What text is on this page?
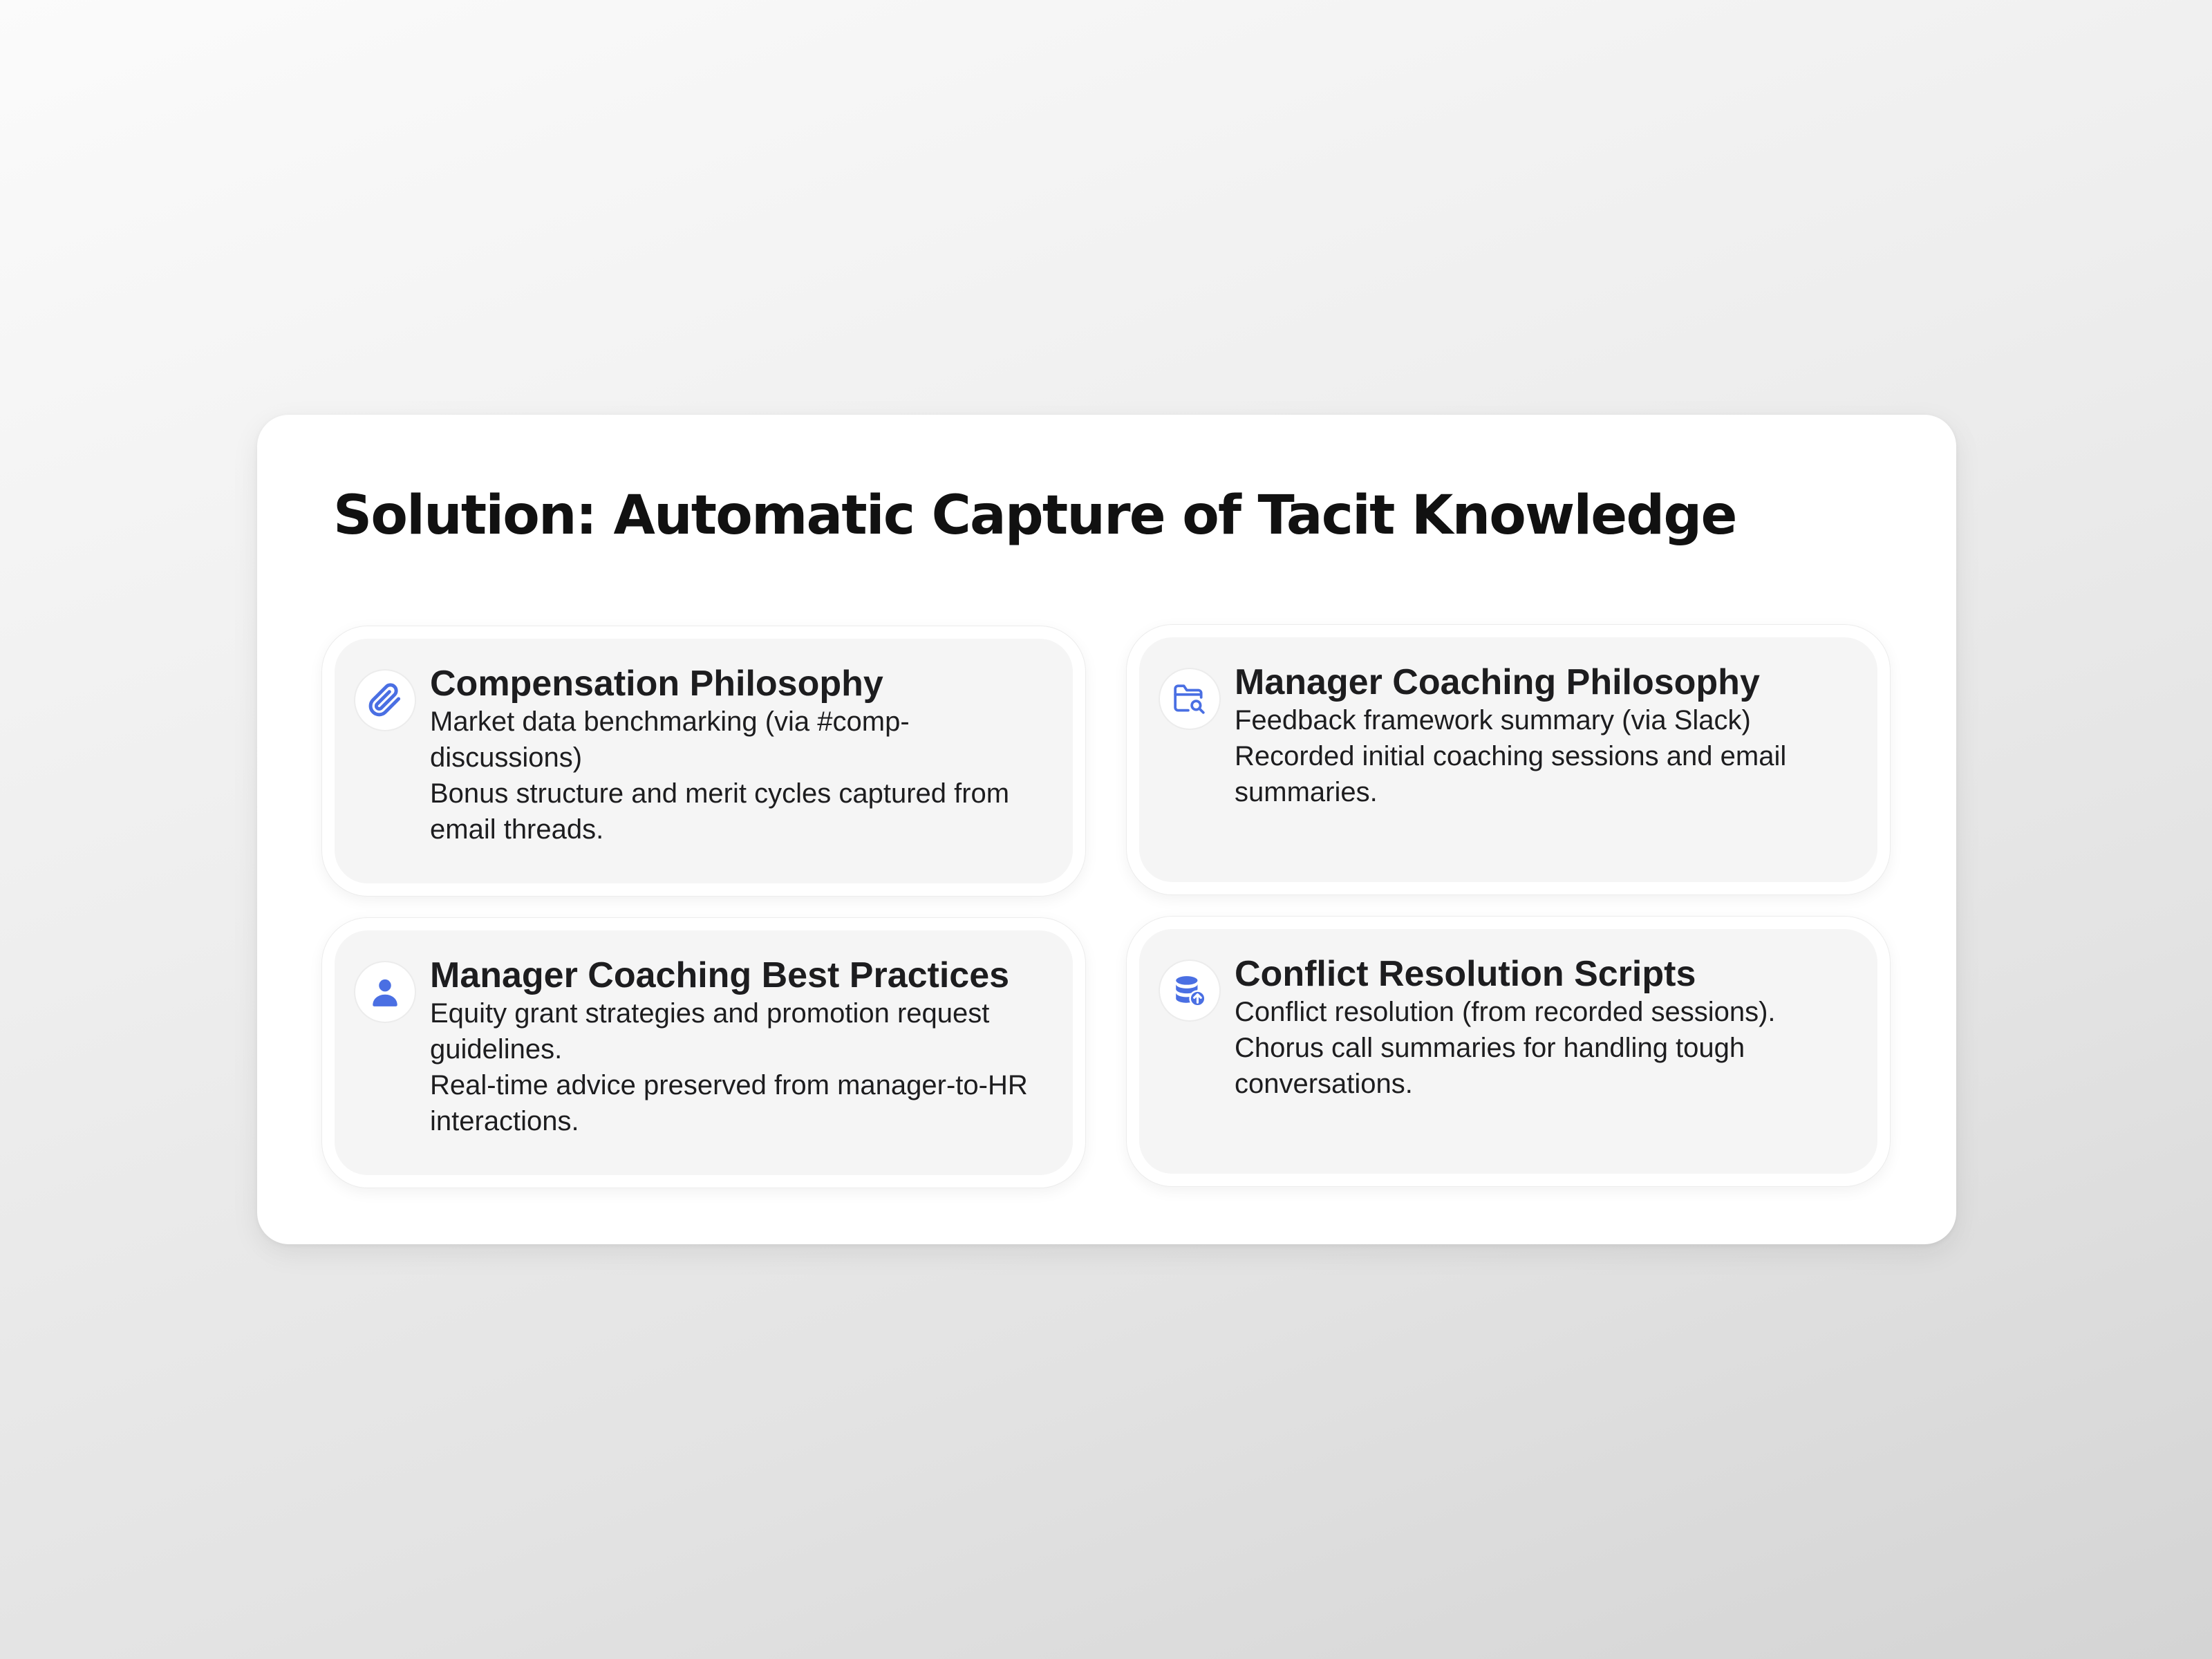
Solution: Automatic Capture of Tacit Knowledge

Compensation Philosophy

Market data benchmarking (via #comp-discussions)

Bonus structure and merit cycles captured from email threads.

Manager Coaching Philosophy

Feedback framework summary (via Slack)

Recorded initial coaching sessions and email summaries.

Manager Coaching Best Practices

Equity grant strategies and promotion request guidelines.

Real-time advice preserved from manager-to-HR interactions.

Conflict Resolution Scripts

Conflict resolution (from recorded sessions).

Chorus call summaries for handling tough conversations.
